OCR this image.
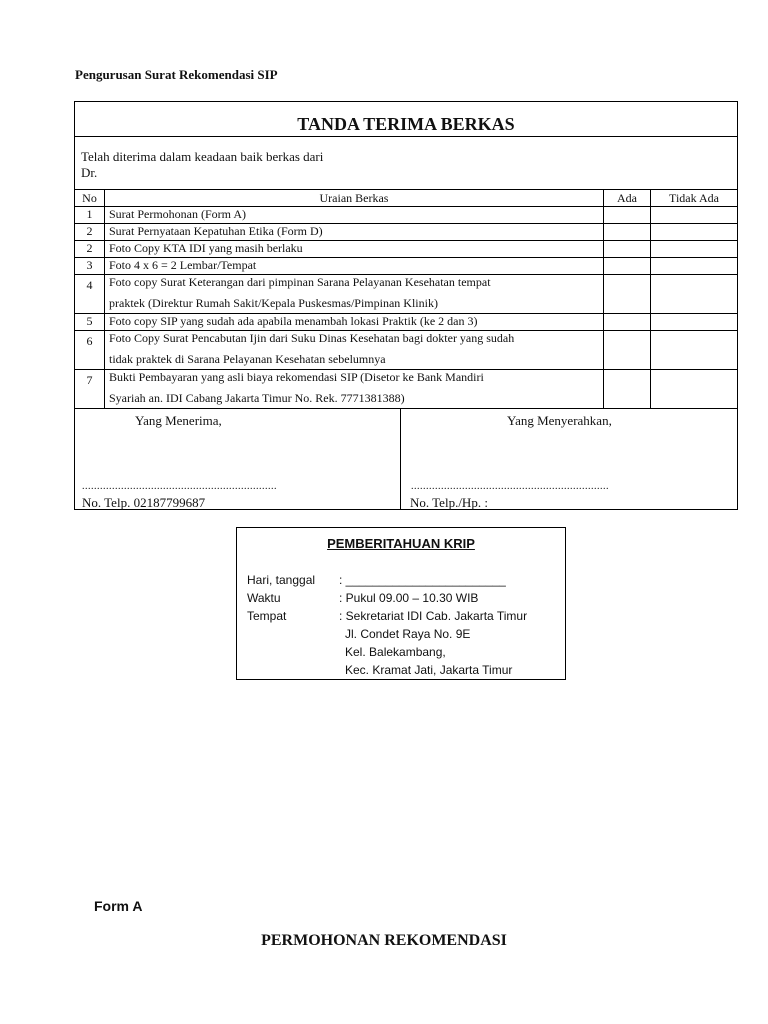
Pengurusan Surat Rekomendasi SIP
TANDA TERIMA BERKAS
Telah diterima dalam keadaan baik berkas dari
Dr.
No	Uraian Berkas	Ada	Tidak Ada
1	Surat Permohonan (Form A)		
2	Surat Pernyataan Kepatuhan Etika (Form D)		
2	Foto Copy KTA IDI yang masih berlaku		
3	Foto 4 x 6 = 2 Lembar/Tempat		
4	Foto copy Surat Keterangan dari pimpinan Sarana Pelayanan Kesehatan tempat
praktek (Direktur Rumah Sakit/Kepala Puskesmas/Pimpinan Klinik)		

5	Foto copy SIP yang sudah ada apabila menambah lokasi Praktik (ke 2 dan 3)		
6	Foto Copy Surat Pencabutan Ijin dari Suku Dinas Kesehatan bagi dokter yang sudah
tidak praktek di Sarana Pelayanan Kesehatan sebelumnya		

7	Bukti Pembayaran yang asli biaya rekomendasi SIP (Disetor ke Bank Mandiri
Syariah an. IDI Cabang Jakarta Timur No. Rek. 7771381388)		

Yang Menerima,
.................................................................
No. Telp. 02187799687
Yang Menyerahkan,
..................................................................
No. Telp./Hp. :
PEMBERITAHUAN KRIP
Hari, tanggal	: ________________________
Waktu	: Pukul 09.00 – 10.30 WIB
Tempat	: Sekretariat IDI Cab. Jakarta Timur
Jl. Condet Raya No. 9E
Kel. Balekambang,
Kec. Kramat Jati, Jakarta Timur
Form A
PERMOHONAN REKOMENDASI
